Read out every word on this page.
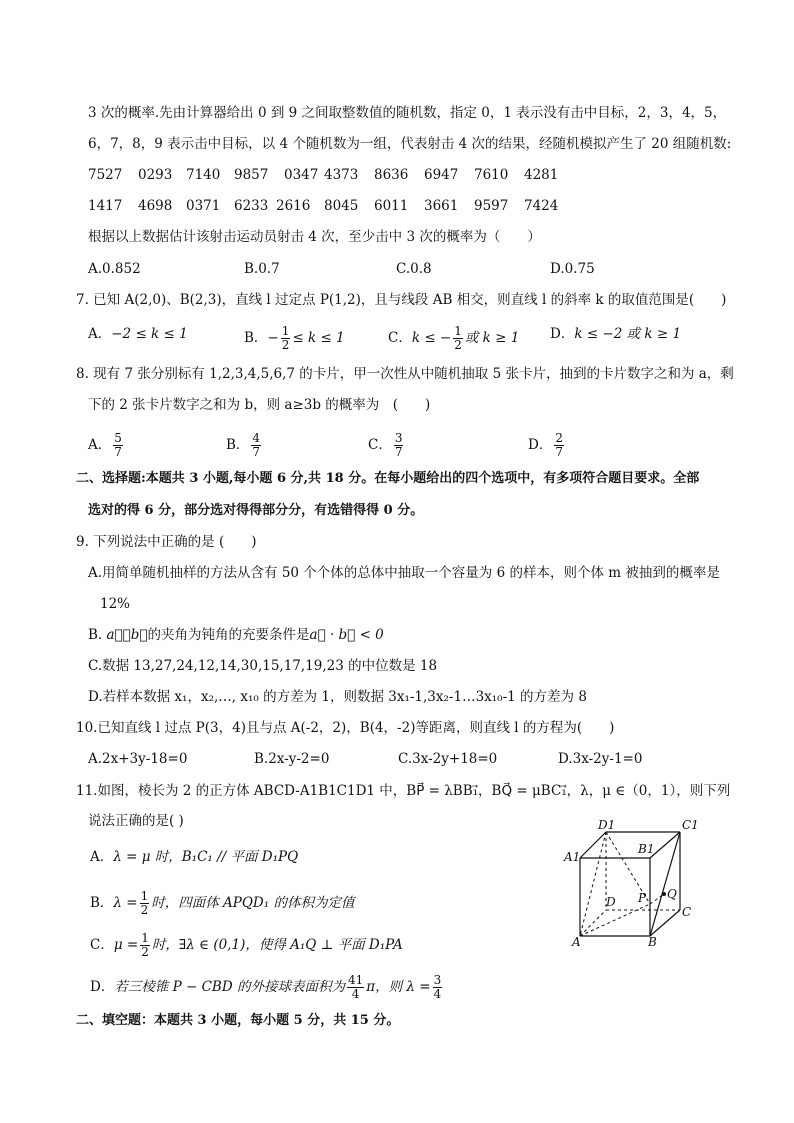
3 次的概率.先由计算器给出 0 到 9 之间取整数值的随机数，指定 0，1 表示没有击中目标，2，3，4，5，
6，7，8，9 表示击中目标，以 4 个随机数为一组，代表射击 4 次的结果，经随机模拟产生了 20 组随机数:
7527 0293 7140 9857 0347 4373 8636 6947 7610 4281
1417 4698 0371 6233 2616 8045 6011 3661 9597 7424
根据以上数据估计该射击运动员射击 4 次，至少击中 3 次的概率为（　　）
A.0.852	B.0.7	C.0.8	D.0.75
7. 已知 A(2,0)、B(2,3)，直线 l 过定点 P(1,2)，且与线段 AB 相交，则直线 l 的斜率 k 的取值范围是(　　)
A．−2 ≤ k ≤ 1	B．− $\frac{1}{2} \le k \le 1$	C．k ≤ − $\frac{1}{2}$ 或 k ≥ 1 D．k ≤ −2 或 k ≥ 1
8. 现有 7 张分别标有 1,2,3,4,5,6,7 的卡片，甲一次性从中随机抽取 5 张卡片，抽到的卡片数字之和为 a，剩
下的 2 张卡片数字之和为 b，则 a≥3b 的概率为　(　　)
A． $\frac{5}{7}$	B． $\frac{4}{7}$	C． $\frac{3}{7}$	D． $\frac{2}{7}$
二、选择题:本题共 3 小题,每小题 6 分,共 18 分。在每小题给出的四个选项中，有多项符合题目要求。全部
选对的得 6 分，部分选对得得部分分，有选错得得 0 分。
9. 下列说法中正确的是 (　　)
A.用简单随机抽样的方法从含有 50 个个体的总体中抽取一个容量为 6 的样本，则个体 m 被抽到的概率是
12%
B. a⃗，b⃗的夹角为钝角的充要条件是a⃗ · b⃗ < 0
C.数据 13,27,24,12,14,30,15,17,19,23 的中位数是 18
D.若样本数据 x₁，x₂,…, x₁₀ 的方差为 1，则数据 3x₁-1,3x₂-1…3x₁₀-1 的方差为 8
10.已知直线 l 过点 P(3，4)且与点 A(-2，2)，B(4，-2)等距离，则直线 l 的方程为(　　)
A.2x+3y-18=0	B.2x-y-2=0	C.3x-2y+18=0	D.3x-2y-1=0
11.如图，棱长为 2 的正方体 ABCD-A1B1C1D1 中，BP⃗ = λBB₁⃗，BQ⃗ = μBC₁⃗，λ，μ ∈（0，1），则下列
说法正确的是( )
A．λ = μ 时，B₁C₁ // 平面 D₁PQ
B．$\lambda = \frac{1}{2}$ 时，四面体 APQD₁ 的体积为定值
C．$\mu = \frac{1}{2}$ 时，∃λ ∈ (0,1)，使得 A₁Q ⊥ 平面 D₁PA
D．若三棱锥 P − CBD 的外接球表面积为 $\frac{41}{4}$ π，则 $\lambda = \frac{3}{4}$
D1	C1
A1
B1
D P Q
C
A	B
二、填空题：本题共 3 小题，每小题 5 分，共 15 分。
